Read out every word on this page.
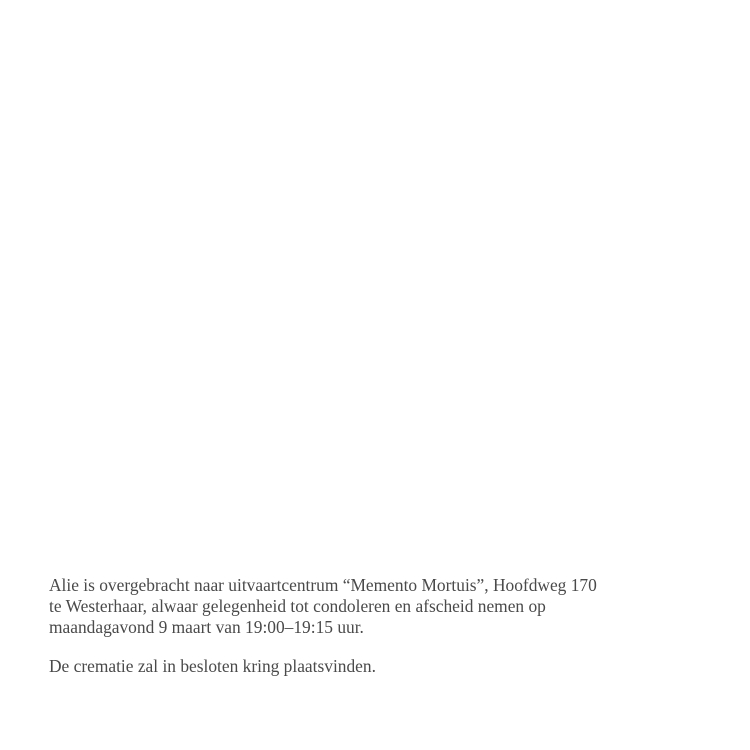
Alie is overgebracht naar uitvaartcentrum “Memento Mortuis”, Hoofdweg 170
te Westerhaar, alwaar gelegenheid tot condoleren en afscheid nemen op
maandagavond 9 maart van 19:00–19:15 uur.

De crematie zal in besloten kring plaatsvinden.
